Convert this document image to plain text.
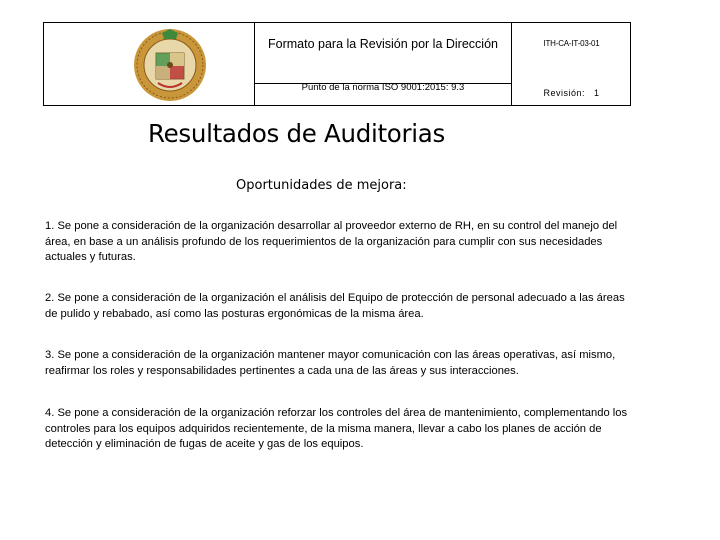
Formato para la Revisión por la Dirección
Punto de la norma ISO 9001:2015: 9.3
ITH-CA-IT-03-01
Revisión: 1
Resultados de Auditorias
Oportunidades de mejora:
1. Se pone a consideración de la organización desarrollar al proveedor externo de RH, en su control del manejo del área, en base a un análisis profundo de los requerimientos de la organización para cumplir con sus necesidades actuales y futuras.
2. Se pone a consideración de la organización el análisis del Equipo de protección de personal adecuado a las áreas de pulido y rebabado, así como las posturas ergonómicas de la misma área.
3. Se pone a consideración de la organización mantener mayor comunicación con las áreas operativas, así mismo, reafirmar los roles y responsabilidades pertinentes a cada una de las áreas y sus interacciones.
4. Se pone a consideración de la organización reforzar los controles del área de mantenimiento, complementando los controles para los equipos adquiridos recientemente, de la misma manera, llevar a cabo los planes de acción de detección y eliminación de fugas de aceite y gas de los equipos.
